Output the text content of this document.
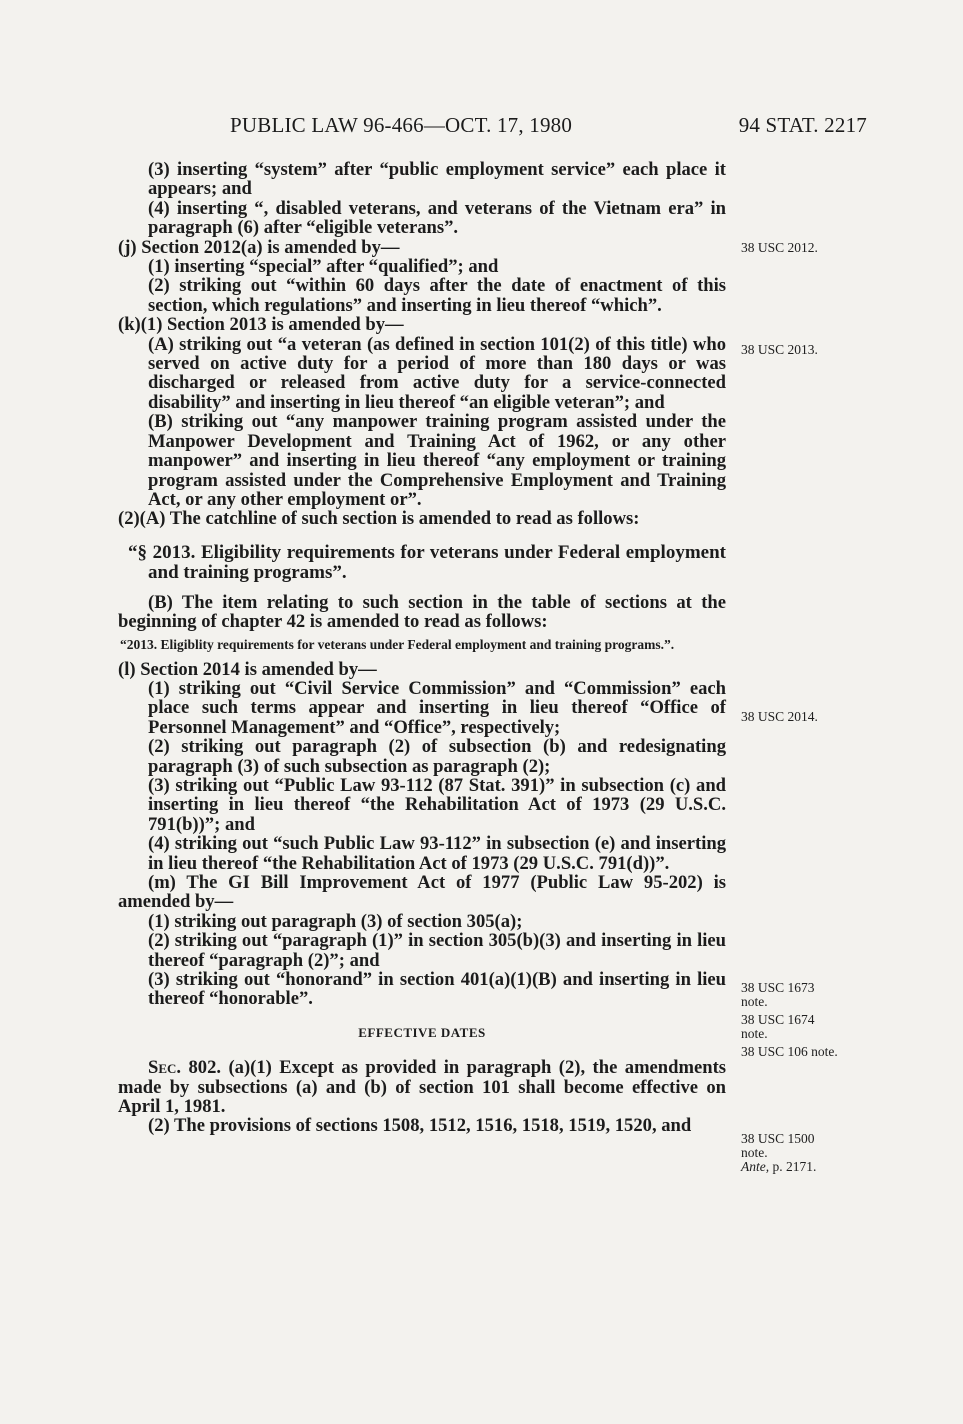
PUBLIC LAW 96-466—OCT. 17, 1980	94 STAT. 2217

(3) inserting “system” after “public employment service” each place it appears; and

(4) inserting “, disabled veterans, and veterans of the Vietnam era” in paragraph (6) after “eligible veterans”.

(j) Section 2012(a) is amended by—

(1) inserting “special” after “qualified”; and

(2) striking out “within 60 days after the date of enactment of this section, which regulations” and inserting in lieu thereof “which”.

(k)(1) Section 2013 is amended by—

(A) striking out “a veteran (as defined in section 101(2) of this title) who served on active duty for a period of more than 180 days or was discharged or released from active duty for a service-connected disability” and inserting in lieu thereof “an eligible veteran”; and

(B) striking out “any manpower training program assisted under the Manpower Development and Training Act of 1962, or any other manpower” and inserting in lieu thereof “any employment or training program assisted under the Comprehensive Employment and Training Act, or any other employment or”.

(2)(A) The catchline of such section is amended to read as follows:

“§ 2013. Eligibility requirements for veterans under Federal employment and training programs”.

(B) The item relating to such section in the table of sections at the beginning of chapter 42 is amended to read as follows:

“2013. Eligiblity requirements for veterans under Federal employment and training programs.”.

(l) Section 2014 is amended by—

(1) striking out “Civil Service Commission” and “Commission” each place such terms appear and inserting in lieu thereof “Office of Personnel Management” and “Office”, respectively;

(2) striking out paragraph (2) of subsection (b) and redesignating paragraph (3) of such subsection as paragraph (2);

(3) striking out “Public Law 93-112 (87 Stat. 391)” in subsection (c) and inserting in lieu thereof “the Rehabilitation Act of 1973 (29 U.S.C. 791(b))”; and

(4) striking out “such Public Law 93-112” in subsection (e) and inserting in lieu thereof “the Rehabilitation Act of 1973 (29 U.S.C. 791(d))”.

(m) The GI Bill Improvement Act of 1977 (Public Law 95-202) is amended by—

(1) striking out paragraph (3) of section 305(a);

(2) striking out “paragraph (1)” in section 305(b)(3) and inserting in lieu thereof “paragraph (2)”; and

(3) striking out “honorand” in section 401(a)(1)(B) and inserting in lieu thereof “honorable”.

EFFECTIVE DATES

Sec. 802. (a)(1) Except as provided in paragraph (2), the amendments made by subsections (a) and (b) of section 101 shall become effective on April 1, 1981.

(2) The provisions of sections 1508, 1512, 1516, 1518, 1519, 1520, and

38 USC 2012.
38 USC 2013.
38 USC 2014.
38 USC 1673
note.
38 USC 1674
note.
38 USC 106 note.
38 USC 1500
note.
Ante, p. 2171.
